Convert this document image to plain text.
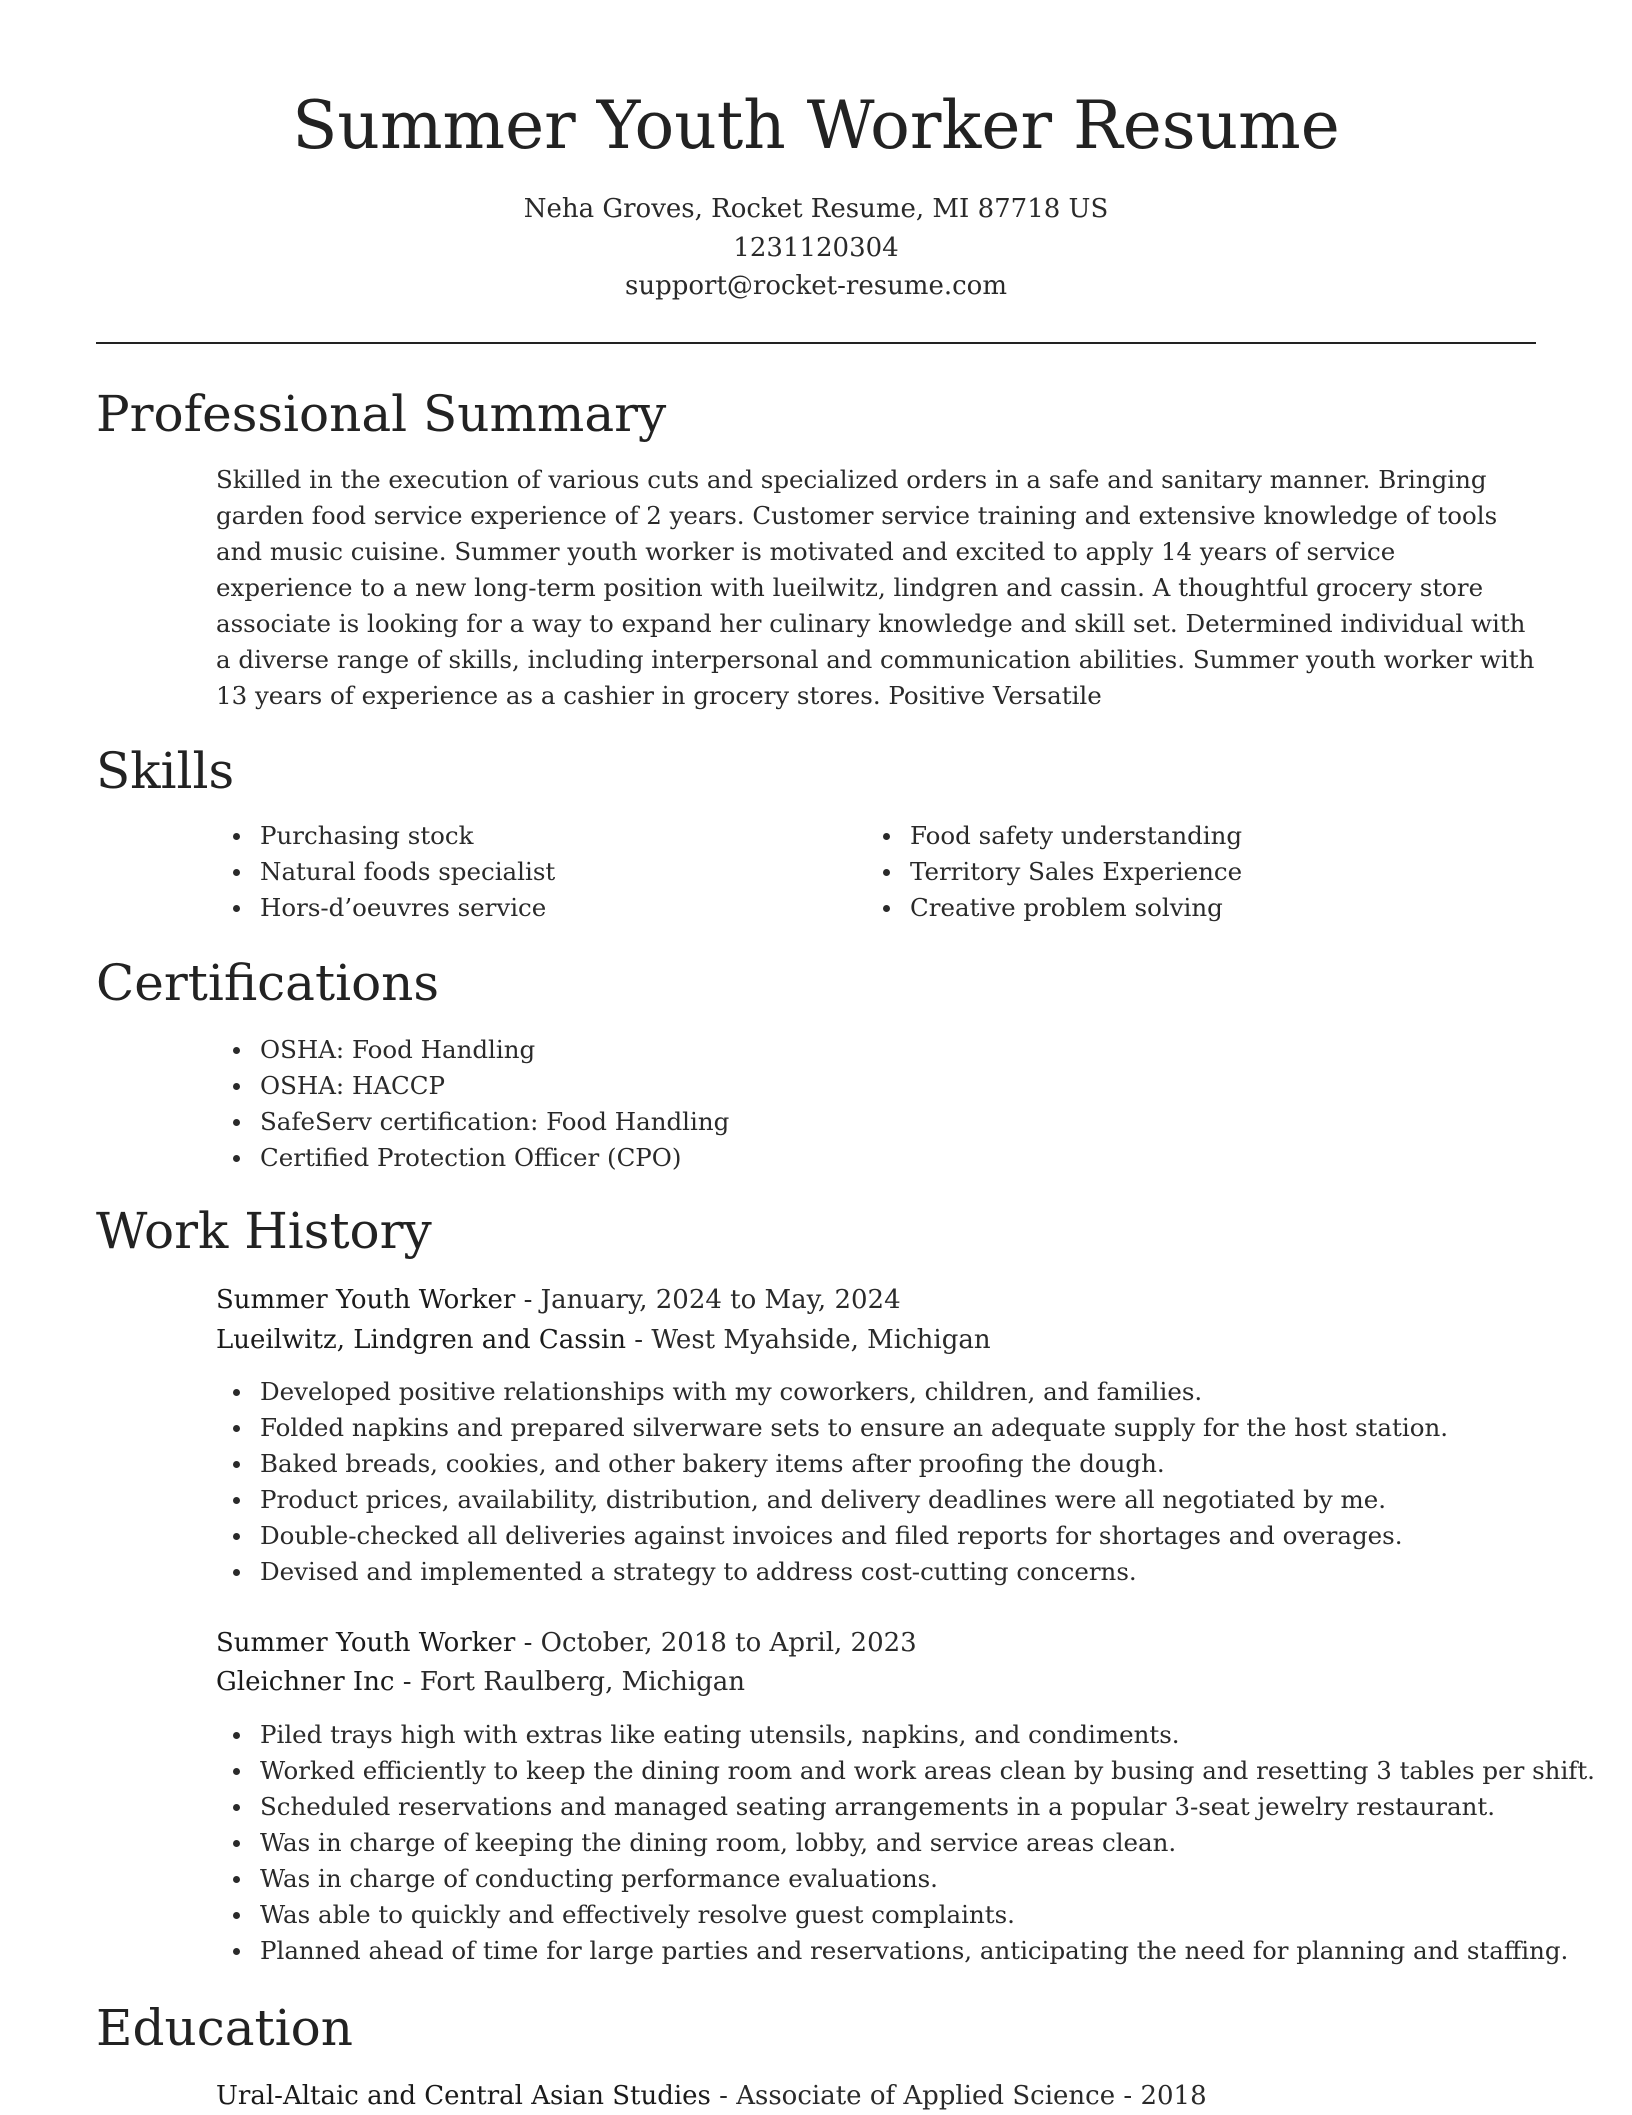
Summer Youth Worker Resume
Neha Groves, Rocket Resume, MI 87718 US
1231120304
support@rocket-resume.com
Professional Summary
Skilled in the execution of various cuts and specialized orders in a safe and sanitary manner. Bringing garden food service experience of 2 years. Customer service training and extensive knowledge of tools and music cuisine. Summer youth worker is motivated and excited to apply 14 years of service experience to a new long-term position with lueilwitz, lindgren and cassin. A thoughtful grocery store associate is looking for a way to expand her culinary knowledge and skill set. Determined individual with a diverse range of skills, including interpersonal and communication abilities. Summer youth worker with 13 years of experience as a cashier in grocery stores. Positive Versatile
Skills
Purchasing stock
Natural foods specialist
Hors-d’oeuvres service
Food safety understanding
Territory Sales Experience
Creative problem solving
Certifications
OSHA: Food Handling
OSHA: HACCP
SafeServ certification: Food Handling
Certified Protection Officer (CPO)
Work History
Summer Youth Worker - January, 2024 to May, 2024
Lueilwitz, Lindgren and Cassin - West Myahside, Michigan
Developed positive relationships with my coworkers, children, and families.
Folded napkins and prepared silverware sets to ensure an adequate supply for the host station.
Baked breads, cookies, and other bakery items after proofing the dough.
Product prices, availability, distribution, and delivery deadlines were all negotiated by me.
Double-checked all deliveries against invoices and filed reports for shortages and overages.
Devised and implemented a strategy to address cost-cutting concerns.
Summer Youth Worker - October, 2018 to April, 2023
Gleichner Inc - Fort Raulberg, Michigan
Piled trays high with extras like eating utensils, napkins, and condiments.
Worked efficiently to keep the dining room and work areas clean by busing and resetting 3 tables per shift.
Scheduled reservations and managed seating arrangements in a popular 3-seat jewelry restaurant.
Was in charge of keeping the dining room, lobby, and service areas clean.
Was in charge of conducting performance evaluations.
Was able to quickly and effectively resolve guest complaints.
Planned ahead of time for large parties and reservations, anticipating the need for planning and staffing.
Education
Ural-Altaic and Central Asian Studies - Associate of Applied Science - 2018
